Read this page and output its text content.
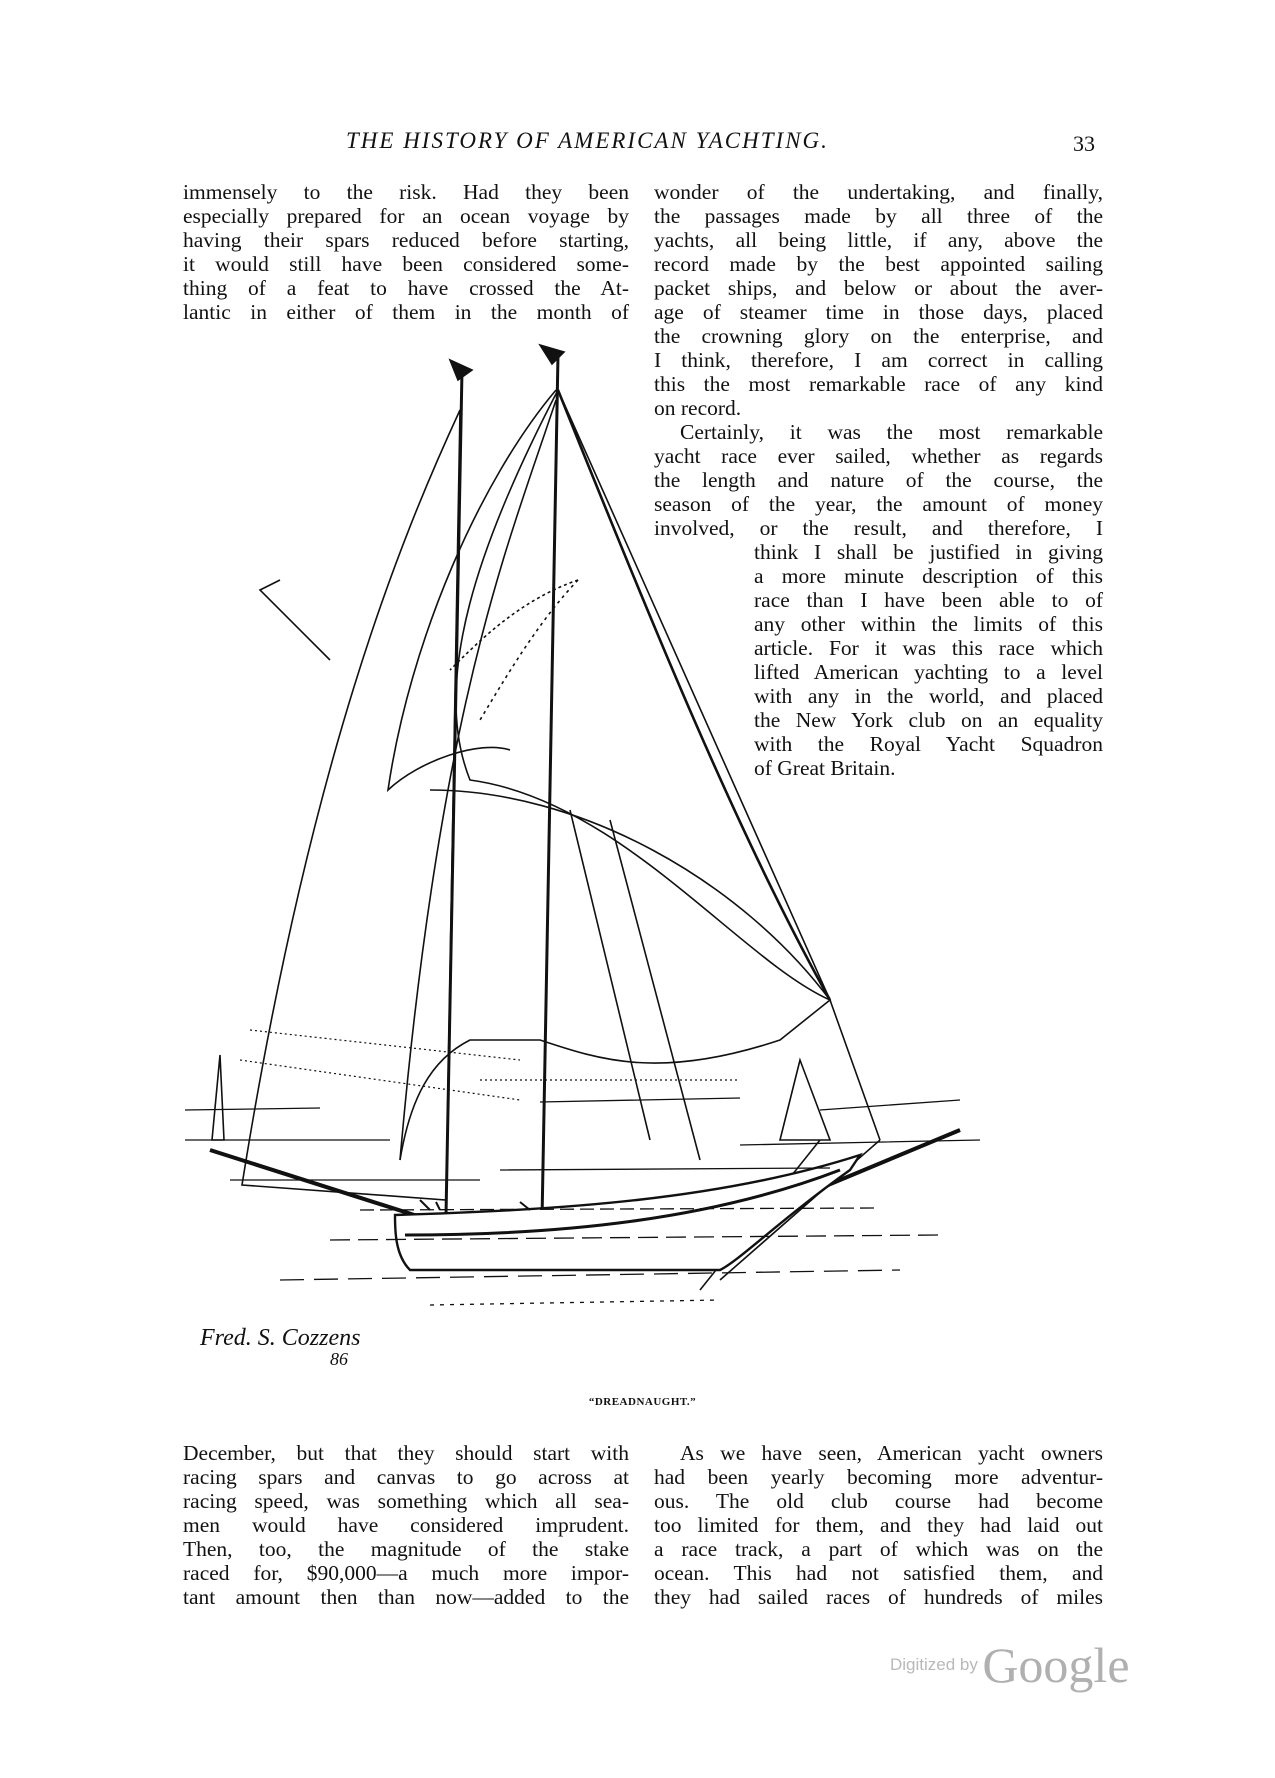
THE HISTORY OF AMERICAN YACHTING.	33
immensely to the risk. Had they been
especially prepared for an ocean voyage by
having their spars reduced before starting,
it would still have been considered some-
thing of a feat to have crossed the At-
lantic in either of them in the month of
wonder of the undertaking, and finally,
the passages made by all three of the
yachts, all being little, if any, above the
record made by the best appointed sailing
packet ships, and below or about the aver-
age of steamer time in those days, placed
the crowning glory on the enterprise, and
I think, therefore, I am correct in calling
this the most remarkable race of any kind
on record.
Certainly, it was the most remarkable
yacht race ever sailed, whether as regards
the length and nature of the course, the
season of the year, the amount of money
involved, or the result, and therefore, I
think I shall be justified in giving
a more minute description of this
race than I have been able to of
any other within the limits of this
article. For it was this race which
lifted American yachting to a level
with any in the world, and placed
the New York club on an equality
with the Royal Yacht Squadron
of Great Britain.
Fred. S. Cozzens
86
“DREADNAUGHT.”
December, but that they should start with
racing spars and canvas to go across at
racing speed, was something which all sea-
men would have considered imprudent.
Then, too, the magnitude of the stake
raced for, $90,000—a much more impor-
tant amount then than now—added to the
As we have seen, American yacht owners
had been yearly becoming more adventur-
ous. The old club course had become
too limited for them, and they had laid out
a race track, a part of which was on the
ocean. This had not satisfied them, and
they had sailed races of hundreds of miles
Digitized by Google
